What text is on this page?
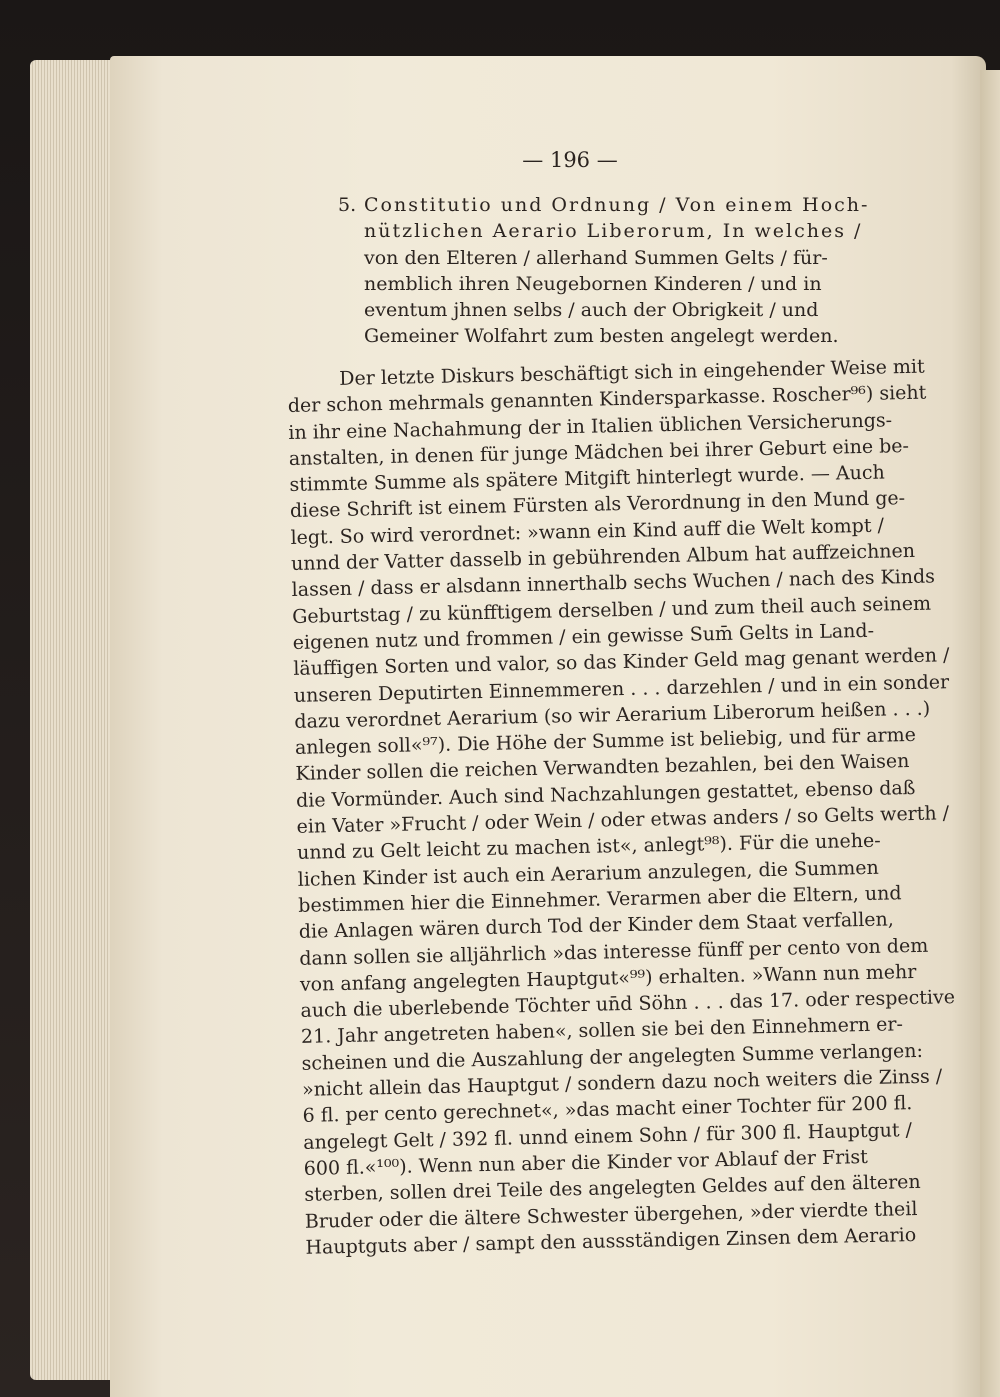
— 196 —
5. Constitutio und Ordnung / Von einem Hoch-
nützlichen Aerario Liberorum, In welches /
von den Elteren / allerhand Summen Gelts / für-
nemblich ihren Neugebornen Kinderen / und in
eventum jhnen selbs / auch der Obrigkeit / und
Gemeiner Wolfahrt zum besten angelegt werden.
Der letzte Diskurs beschäftigt sich in eingehender Weise mit
der schon mehrmals genannten Kindersparkasse. Roscher⁹⁶) sieht
in ihr eine Nachahmung der in Italien üblichen Versicherungs-
anstalten, in denen für junge Mädchen bei ihrer Geburt eine be-
stimmte Summe als spätere Mitgift hinterlegt wurde. — Auch
diese Schrift ist einem Fürsten als Verordnung in den Mund ge-
legt. So wird verordnet: »wann ein Kind auff die Welt kompt /
unnd der Vatter dasselb in gebührenden Album hat auffzeichnen
lassen / dass er alsdann innerthalb sechs Wuchen / nach des Kinds
Geburtstag / zu künfftigem derselben / und zum theil auch seinem
eigenen nutz und frommen / ein gewisse Sum̄ Gelts in Land-
läuffigen Sorten und valor, so das Kinder Geld mag genant werden /
unseren Deputirten Einnemmeren . . . darzehlen / und in ein sonder
dazu verordnet Aerarium (so wir Aerarium Liberorum heißen . . .)
anlegen soll«⁹⁷). Die Höhe der Summe ist beliebig, und für arme
Kinder sollen die reichen Verwandten bezahlen, bei den Waisen
die Vormünder. Auch sind Nachzahlungen gestattet, ebenso daß
ein Vater »Frucht / oder Wein / oder etwas anders / so Gelts werth /
unnd zu Gelt leicht zu machen ist«, anlegt⁹⁸). Für die unehe-
lichen Kinder ist auch ein Aerarium anzulegen, die Summen
bestimmen hier die Einnehmer. Verarmen aber die Eltern, und
die Anlagen wären durch Tod der Kinder dem Staat verfallen,
dann sollen sie alljährlich »das interesse fünff per cento von dem
von anfang angelegten Hauptgut«⁹⁹) erhalten. »Wann nun mehr
auch die uberlebende Töchter un̄d Söhn . . . das 17. oder respective
21. Jahr angetreten haben«, sollen sie bei den Einnehmern er-
scheinen und die Auszahlung der angelegten Summe verlangen:
»nicht allein das Hauptgut / sondern dazu noch weiters die Zinss /
6 fl. per cento gerechnet«, »das macht einer Tochter für 200 fl.
angelegt Gelt / 392 fl. unnd einem Sohn / für 300 fl. Hauptgut /
600 fl.«¹⁰⁰). Wenn nun aber die Kinder vor Ablauf der Frist
sterben, sollen drei Teile des angelegten Geldes auf den älteren
Bruder oder die ältere Schwester übergehen, »der vierdte theil
Hauptguts aber / sampt den aussständigen Zinsen dem Aerario
